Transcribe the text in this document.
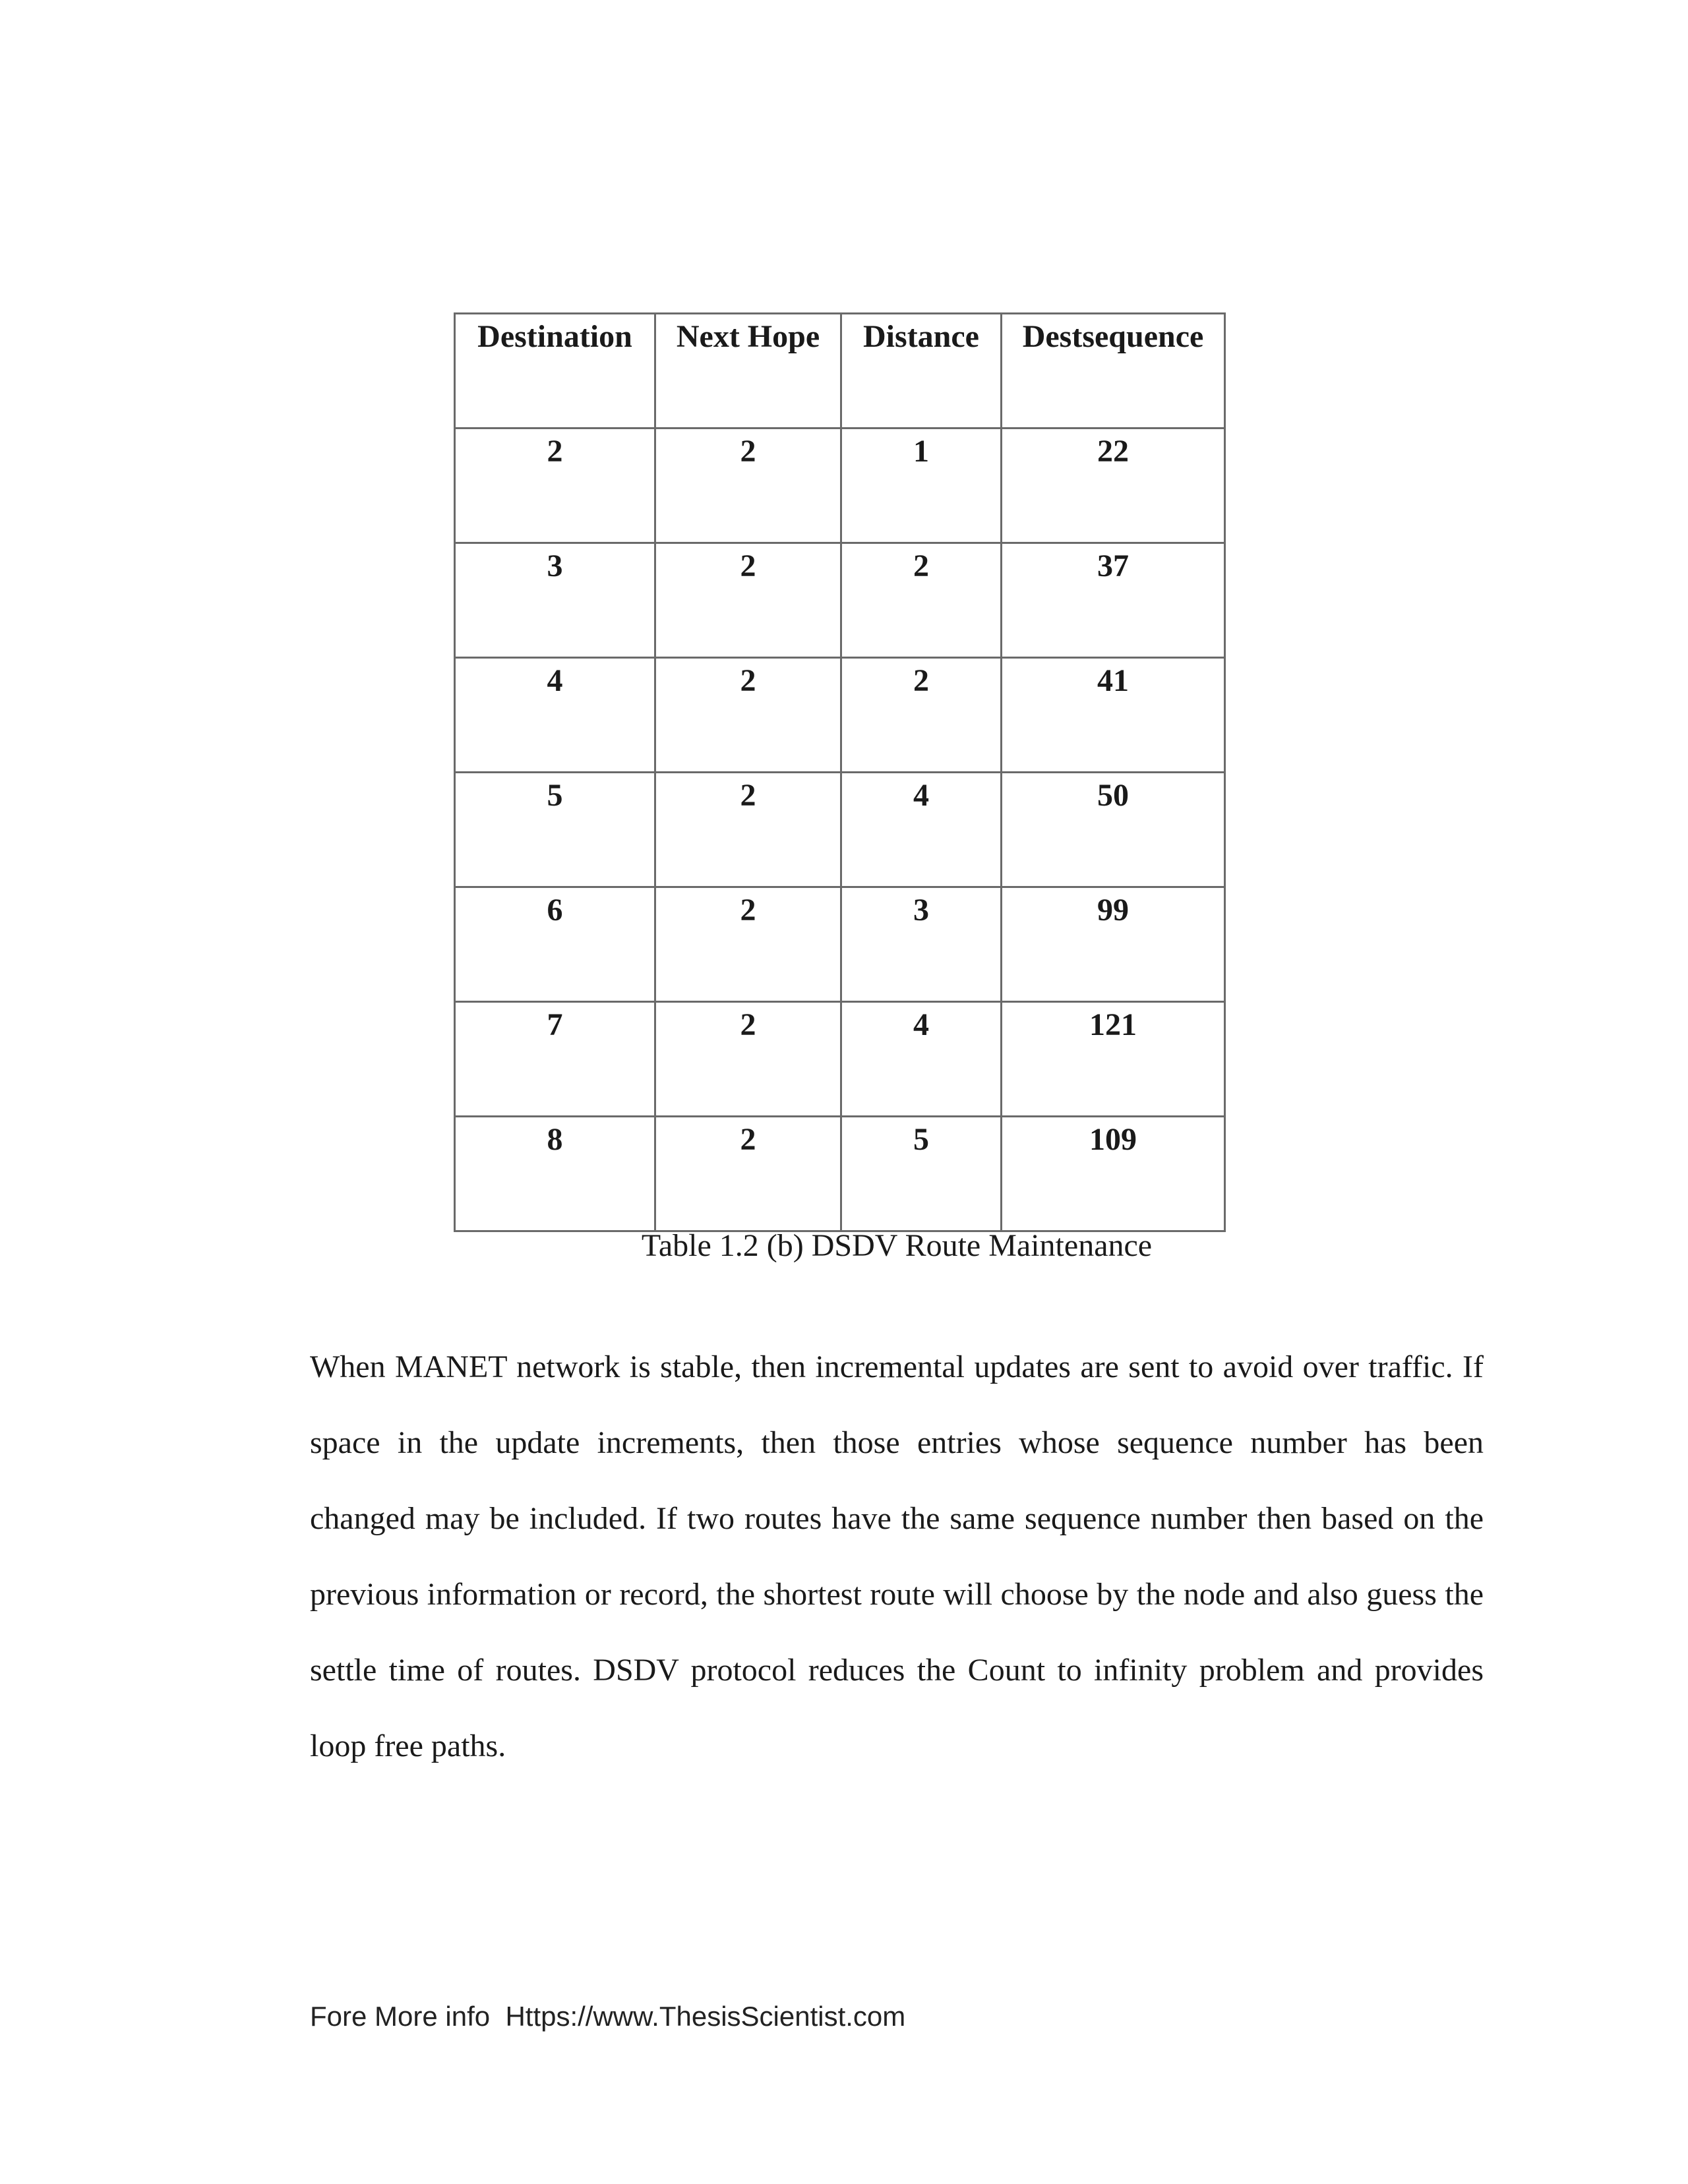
Destination	Next Hope	Distance	Destsequence
2	2	1	22
3	2	2	37
4	2	2	41
5	2	4	50
6	2	3	99
7	2	4	121
8	2	5	109

Table 1.2 (b) DSDV Route Maintenance

When MANET network is stable, then incremental updates are sent to avoid over traffic. If space in the update increments, then those entries whose sequence number has been changed may be included. If two routes have the same sequence number then based on the previous information or record, the shortest route will choose by the node and also guess the settle time of routes. DSDV protocol reduces the Count to infinity problem and provides loop free paths.

Fore More info  Https://www.ThesisScientist.com
